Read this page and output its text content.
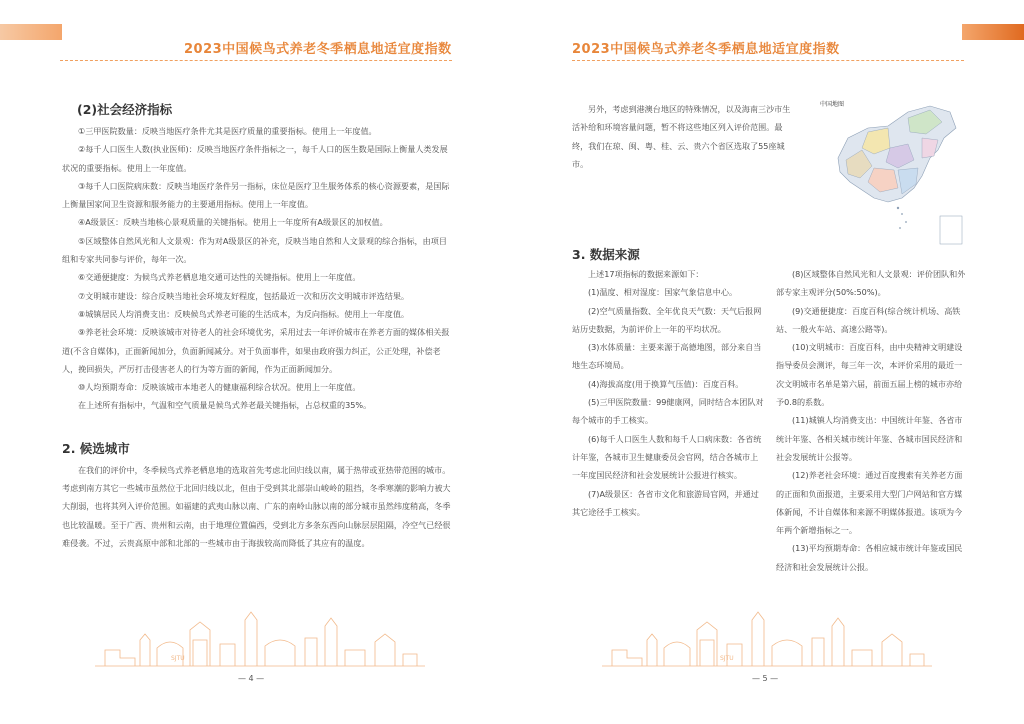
2023中国候鸟式养老冬季栖息地适宜度指数
(2)社会经济指标

①三甲医院数量：反映当地医疗条件尤其是医疗质量的重要指标。使用上一年度值。

②每千人口医生人数(执业医师)：反映当地医疗条件指标之一，每千人口的医生数是国际上衡量人类发展状况的重要指标。使用上一年度值。

③每千人口医院病床数：反映当地医疗条件另一指标，床位是医疗卫生服务体系的核心资源要素，是国际上衡量国家间卫生资源和服务能力的主要通用指标。使用上一年度值。

④A级景区：反映当地核心景观质量的关键指标。使用上一年度所有A级景区的加权值。

⑤区域整体自然风光和人文景观：作为对A级景区的补充，反映当地自然和人文景观的综合指标，由项目组和专家共同参与评价，每年一次。

⑥交通便捷度：为候鸟式养老栖息地交通可达性的关键指标。使用上一年度值。

⑦文明城市建设：综合反映当地社会环境友好程度，包括最近一次和历次文明城市评选结果。

⑧城镇居民人均消费支出：反映候鸟式养老可能的生活成本，为反向指标。使用上一年度值。

⑨养老社会环境：反映该城市对待老人的社会环境优劣，采用过去一年评价城市在养老方面的媒体相关报道(不含自媒体)，正面新闻加分，负面新闻减分。对于负面事件，如果由政府强力纠正，公正处理，补偿老人，挽回损失，严厉打击侵害老人的行为等方面的新闻，作为正面新闻加分。

⑩人均预期寿命：反映该城市本地老人的健康福利综合状况。使用上一年度值。

在上述所有指标中，气温和空气质量是候鸟式养老最关键指标，占总权重的35%。

2. 候选城市

在我们的评价中，冬季候鸟式养老栖息地的选取首先考虑北回归线以南，属于热带或亚热带范围的城市。考虑到南方其它一些城市虽然位于北回归线以北，但由于受到其北部崇山峻岭的阻挡，冬季寒潮的影响力被大大削弱，也将其列入评价范围。如福建的武夷山脉以南、广东的南岭山脉以南的部分城市虽然纬度稍高，冬季也比较温暖。至于广西、贵州和云南，由于地理位置偏西，受到北方多条东西向山脉层层阻隔，冷空气已经很难侵袭。不过，云贵高原中部和北部的一些城市由于海拔较高而降低了其应有的温度。

SJTU
— 4 —
2023中国候鸟式养老冬季栖息地适宜度指数

另外，考虑到港澳台地区的特殊情况，以及海南三沙市生活补给和环境容量问题，暂不将这些地区列入评价范围。最终，我们在琼、闽、粤、桂、云、贵六个省区选取了55座城市。

3. 数据来源

上述17项指标的数据来源如下：

(1)温度、相对湿度：国家气象信息中心。

(2)空气质量指数、全年优良天气数：天气后报网站历史数据，为前评价上一年的平均状况。

(3)水体质量：主要来源于高德地图，部分来自当地生态环境局。

(4)海拔高度(用于换算气压值)：百度百科。

(5)三甲医院数量：99健康网，同时结合本团队对每个城市的手工核实。

(6)每千人口医生人数和每千人口病床数：各省统计年鉴，各城市卫生健康委员会官网，结合各城市上一年度国民经济和社会发展统计公报进行核实。

(7)A级景区：各省市文化和旅游局官网，并通过其它途径手工核实。

(8)区域整体自然风光和人文景观：评价团队和外部专家主观评分(50%:50%)。

(9)交通便捷度：百度百科(综合统计机场、高铁站、一般火车站、高速公路等)。

(10)文明城市：百度百科，由中央精神文明建设指导委员会测评，每三年一次，本评价采用的最近一次文明城市名单是第六届，前面五届上榜的城市亦给予0.8的系数。

(11)城镇人均消费支出：中国统计年鉴、各省市统计年鉴、各相关城市统计年鉴、各城市国民经济和社会发展统计公报等。

(12)养老社会环境：通过百度搜索有关养老方面的正面和负面报道，主要采用大型门户网站和官方媒体新闻，不计自媒体和来源不明媒体报道。该项为今年两个新增指标之一。

(13)平均预期寿命：各相应城市统计年鉴或国民经济和社会发展统计公报。

SJTU
— 5 —
中国地图
